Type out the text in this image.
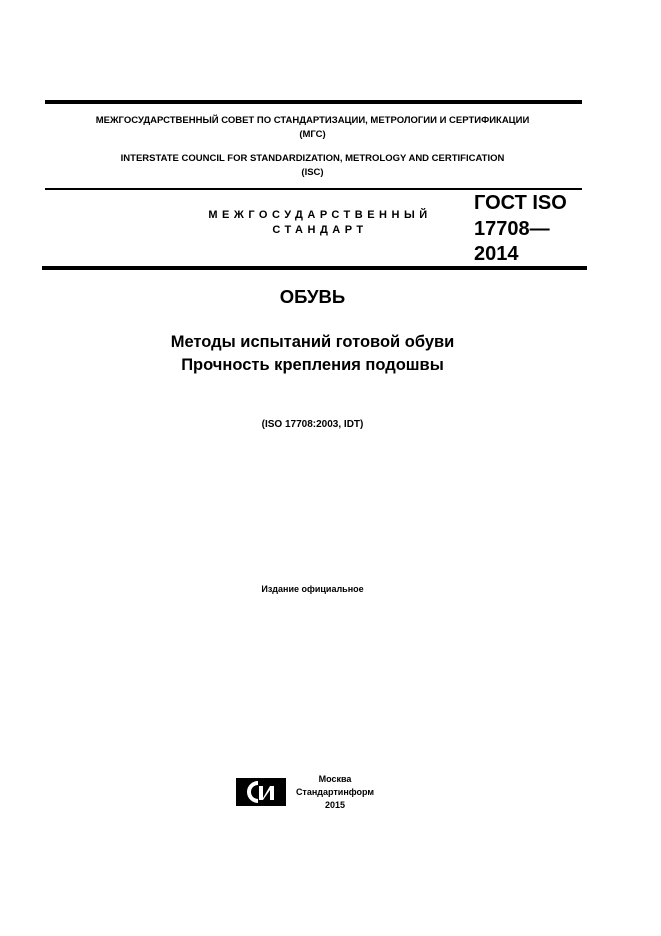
МЕЖГОСУДАРСТВЕННЫЙ СОВЕТ ПО СТАНДАРТИЗАЦИИ, МЕТРОЛОГИИ И СЕРТИФИКАЦИИ
(МГС)
INTERSTATE COUNCIL FOR STANDARDIZATION, METROLOGY AND CERTIFICATION
(ISC)
МЕЖГОСУДАРСТВЕННЫЙ
СТАНДАРТ
ГОСТ ISO
17708—
2014
ОБУВЬ
Методы испытаний готовой обуви
Прочность крепления подошвы
(ISO 17708:2003, IDT)
Издание официальное
Москва
Стандартинформ
2015
